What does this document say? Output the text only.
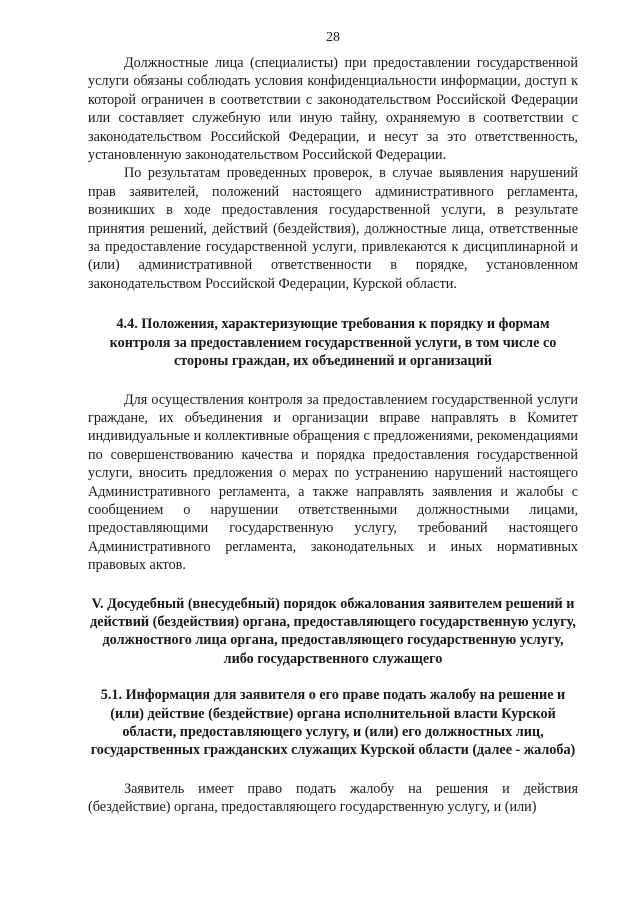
28

Должностные лица (специалисты) при предоставлении государственной услуги обязаны соблюдать условия конфиденциальности информации, доступ к которой ограничен в соответствии с законодательством Российской Федерации или составляет служебную или иную тайну, охраняемую в соответствии с законодательством Российской Федерации, и несут за это ответственность, установленную законодательством Российской Федерации.

По результатам проведенных проверок, в случае выявления нарушений прав заявителей, положений настоящего административного регламента, возникших в ходе предоставления государственной услуги, в результате принятия решений, действий (бездействия), должностные лица, ответственные за предоставление государственной услуги, привлекаются к дисциплинарной и (или) административной ответственности в порядке, установленном законодательством Российской Федерации, Курской области.

4.4. Положения, характеризующие требования к порядку и формам контроля за предоставлением государственной услуги, в том числе со стороны граждан, их объединений и организаций

Для осуществления контроля за предоставлением государственной услуги граждане, их объединения и организации вправе направлять в Комитет индивидуальные и коллективные обращения с предложениями, рекомендациями по совершенствованию качества и порядка предоставления государственной услуги, вносить предложения о мерах по устранению нарушений настоящего Административного регламента, а также направлять заявления и жалобы с сообщением о нарушении ответственными должностными лицами, предоставляющими государственную услугу, требований настоящего Административного регламента, законодательных и иных нормативных правовых актов.

V. Досудебный (внесудебный) порядок обжалования заявителем решений и действий (бездействия) органа, предоставляющего государственную услугу, должностного лица органа, предоставляющего государственную услугу, либо государственного служащего
5.1. Информация для заявителя о его праве подать жалобу на решение и (или) действие (бездействие) органа исполнительной власти Курской области, предоставляющего услугу, и (или) его должностных лиц, государственных гражданских служащих Курской области (далее - жалоба)

Заявитель имеет право подать жалобу на решения и действия (бездействие) органа, предоставляющего государственную услугу, и (или)
